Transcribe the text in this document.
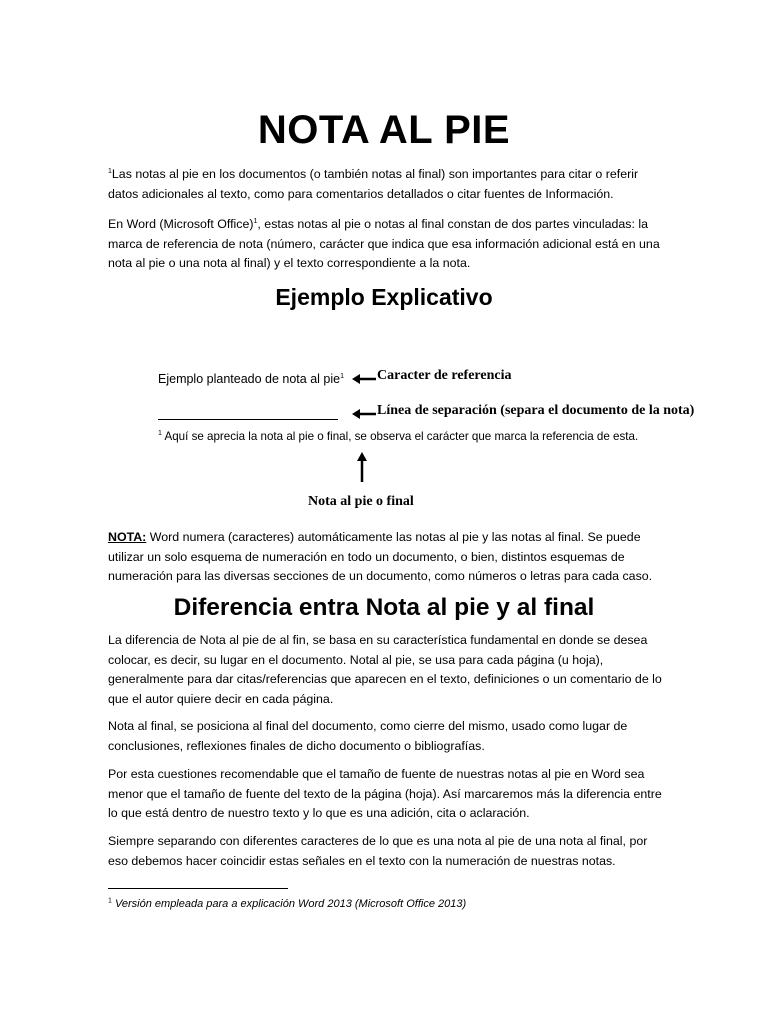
NOTA AL PIE
$^1$Las notas al pie en los documentos (o también notas al final) son importantes para citar o referir datos adicionales al texto, como para comentarios detallados o citar fuentes de Información.
En Word (Microsoft Office)$^1$, estas notas al pie o notas al final constan de dos partes vinculadas: la marca de referencia de nota (número, carácter que indica que esa información adicional está en una nota al pie o una nota al final) y el texto correspondiente a la nota.
Ejemplo Explicativo
Ejemplo planteado de nota al pie$^1$ Caracter de referencia
Línea de separación (separa el documento de la nota)
$^1$ Aquí se aprecia la nota al pie o final, se observa el carácter que marca la referencia de esta.
Nota al pie o final
NOTA: Word numera (caracteres) automáticamente las notas al pie y las notas al final. Se puede utilizar un solo esquema de numeración en todo un documento, o bien, distintos esquemas de numeración para las diversas secciones de un documento, como números o letras para cada caso.
Diferencia entra Nota al pie y al final
La diferencia de Nota al pie de al fin, se basa en su característica fundamental en donde se desea colocar, es decir, su lugar en el documento. Notal al pie, se usa para cada página (u hoja), generalmente para dar citas/referencias que aparecen en el texto, definiciones o un comentario de lo que el autor quiere decir en cada página.
Nota al final, se posiciona al final del documento, como cierre del mismo, usado como lugar de conclusiones, reflexiones finales de dicho documento o bibliografías.
Por esta cuestiones recomendable que el tamaño de fuente de nuestras notas al pie en Word sea menor que el tamaño de fuente del texto de la página (hoja). Así marcaremos más la diferencia entre lo que está dentro de nuestro texto y lo que es una adición, cita o aclaración.
Siempre separando con diferentes caracteres de lo que es una nota al pie de una nota al final, por eso debemos hacer coincidir estas señales en el texto con la numeración de nuestras notas.
$^1$ Versión empleada para a explicación Word 2013 (Microsoft Office 2013)
